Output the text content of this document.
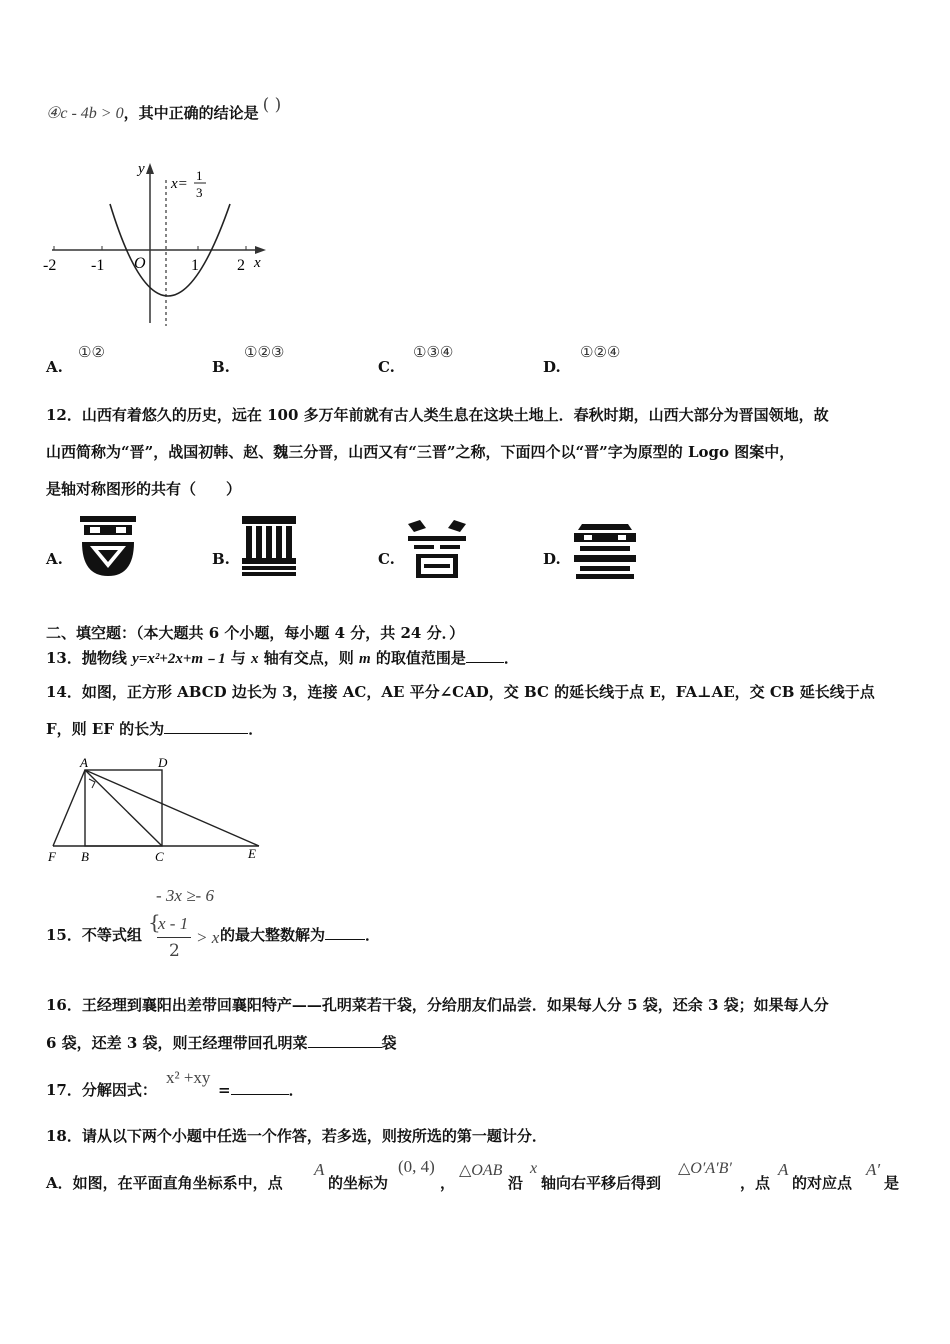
④c - 4b > 0，其中正确的结论是 ( )
-2 -1 O	1 2 x
y
x=
1
3
A.
①②
B.
①②③
C.
①③④
D.
①②④
12．山西有着悠久的历史，远在 100 多万年前就有古人类生息在这块土地上．春秋时期，山西大部分为晋国领地，故
山西简称为“晋”，战国初韩、赵、魏三分晋，山西又有“三晋”之称，下面四个以“晋”字为原型的 Logo 图案中，
是轴对称图形的共有（　　）
A.	B.	C.	D.
二、填空题：（本大题共 6 个小题，每小题 4 分，共 24 分．）
13．抛物线 y=x²+2x+m﹣1 与 x 轴有交点，则 m 的取值范围是	．
14．如图，正方形 ABCD 边长为 3，连接 AC，AE 平分∠CAD，交 BC 的延长线于点 E，FA⊥AE，交 CB 延长线于点
F，则 EF 的长为	．
A	D
F B	C	E
- 3x ≥- 6
15．不等式组
{
x - 1
2
> x 的最大整数解为	．
16．王经理到襄阳出差带回襄阳特产——孔明菜若干袋，分给朋友们品尝．如果每人分 5 袋，还余 3 袋；如果每人分
6 袋，还差 3 袋，则王经理带回孔明菜	袋
17．分解因式：
x² +xy
=	．
18．请从以下两个小题中任选一个作答，若多选，则按所选的第一题计分．
A．如图，在平面直角坐标系中，点
A
的坐标为
(0, 4)
，
△OAB
沿
x
轴向右平移后得到
△O′A′B′
，点
A
的对应点
A′
是
